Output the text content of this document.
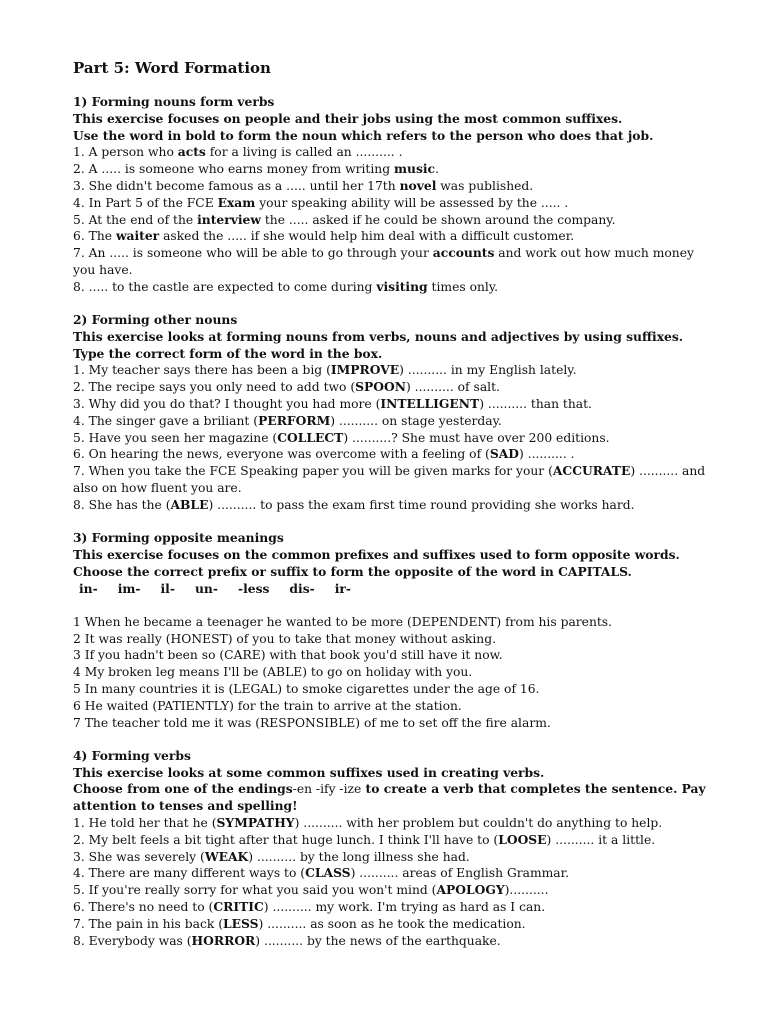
Part 5: Word Formation
1) Forming nouns form verbs
This exercise focuses on people and their jobs using the most common suffixes.
Use the word in bold to form the noun which refers to the person who does that job.
1. A person who acts for a living is called an .......... .
2. A ..... is someone who earns money from writing music.
3. She didn't become famous as a ..... until her 17th novel was published.
4. In Part 5 of the FCE Exam your speaking ability will be assessed by the ..... .
5. At the end of the interview the ..... asked if he could be shown around the company.
6. The waiter asked the ..... if she would help him deal with a difficult customer.
7. An ..... is someone who will be able to go through your accounts and work out how much money you have.
8. ..... to the castle are expected to come during visiting times only.
2) Forming other nouns
This exercise looks at forming nouns from verbs, nouns and adjectives by using suffixes.
Type the correct form of the word in the box.
1. My teacher says there has been a big (IMPROVE) .......... in my English lately.
2. The recipe says you only need to add two (SPOON) .......... of salt.
3. Why did you do that? I thought you had more (INTELLIGENT) .......... than that.
4. The singer gave a briliant (PERFORM) .......... on stage yesterday.
5. Have you seen her magazine (COLLECT) ..........? She must have over 200 editions.
6. On hearing the news, everyone was overcome with a feeling of (SAD) .......... .
7. When you take the FCE Speaking paper you will be given marks for your (ACCURATE) .......... and also on how fluent you are.
8. She has the (ABLE) .......... to pass the exam first time round providing she works hard.
3) Forming opposite meanings
This exercise focuses on the common prefixes and suffixes used to form opposite words.
Choose the correct prefix or suffix to form the opposite of the word in CAPITALS.
in- im- il- un- -less dis- ir-
1 When he became a teenager he wanted to be more (DEPENDENT) from his parents.
2 It was really (HONEST) of you to take that money without asking.
3 If you hadn't been so (CARE) with that book you'd still have it now.
4 My broken leg means I'll be (ABLE) to go on holiday with you.
5 In many countries it is (LEGAL) to smoke cigarettes under the age of 16.
6 He waited (PATIENTLY) for the train to arrive at the station.
7 The teacher told me it was (RESPONSIBLE) of me to set off the fire alarm.
4) Forming verbs
This exercise looks at some common suffixes used in creating verbs.
Choose from one of the endings-en -ify -ize to create a verb that completes the sentence. Pay attention to tenses and spelling!
1. He told her that he (SYMPATHY) .......... with her problem but couldn't do anything to help.
2. My belt feels a bit tight after that huge lunch. I think I'll have to (LOOSE) .......... it a little.
3. She was severely (WEAK) .......... by the long illness she had.
4. There are many different ways to (CLASS) .......... areas of English Grammar.
5. If you're really sorry for what you said you won't mind (APOLOGY)..........
6. There's no need to (CRITIC) .......... my work. I'm trying as hard as I can.
7. The pain in his back (LESS) .......... as soon as he took the medication.
8. Everybody was (HORROR) .......... by the news of the earthquake.
